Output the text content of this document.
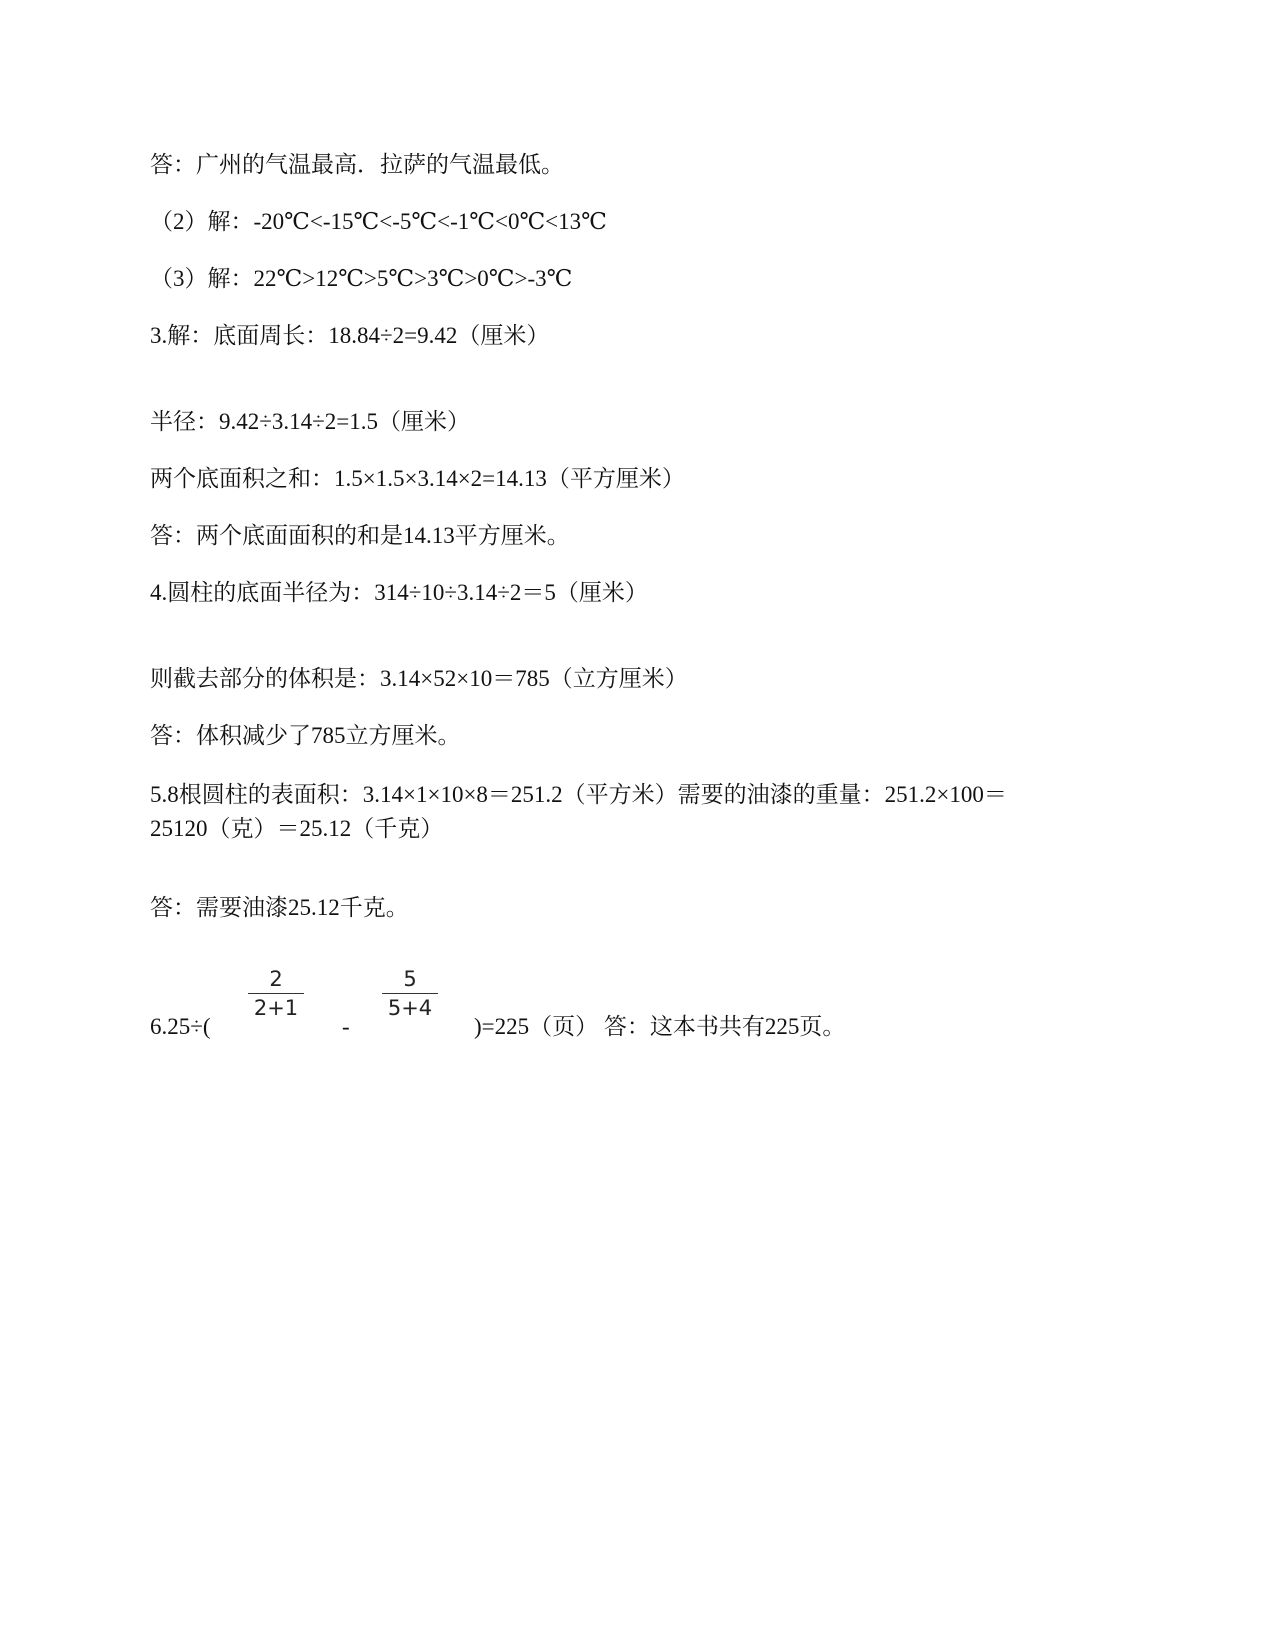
答：广州的气温最高．拉萨的气温最低。
（2）解：-20℃<-15℃<-5℃<-1℃<0℃<13℃
（3）解：22℃>12℃>5℃>3℃>0℃>-3℃
3.解：底面周长：18.84÷2=9.42（厘米）
半径：9.42÷3.14÷2=1.5（厘米）
两个底面积之和：1.5×1.5×3.14×2=14.13（平方厘米）
答：两个底面面积的和是14.13平方厘米。
4.圆柱的底面半径为：314÷10÷3.14÷2＝5（厘米）
则截去部分的体积是：3.14×52×10＝785（立方厘米）
答：体积减少了785立方厘米。
5.8根圆柱的表面积：3.14×1×10×8＝251.2（平方米）需要的油漆的重量：251.2×100＝
25120（克）＝25.12（千克）
答：需要油漆25.12千克。
6.25÷(
2
2+1
-
5
5+4
)=225（页） 答：这本书共有225页。
